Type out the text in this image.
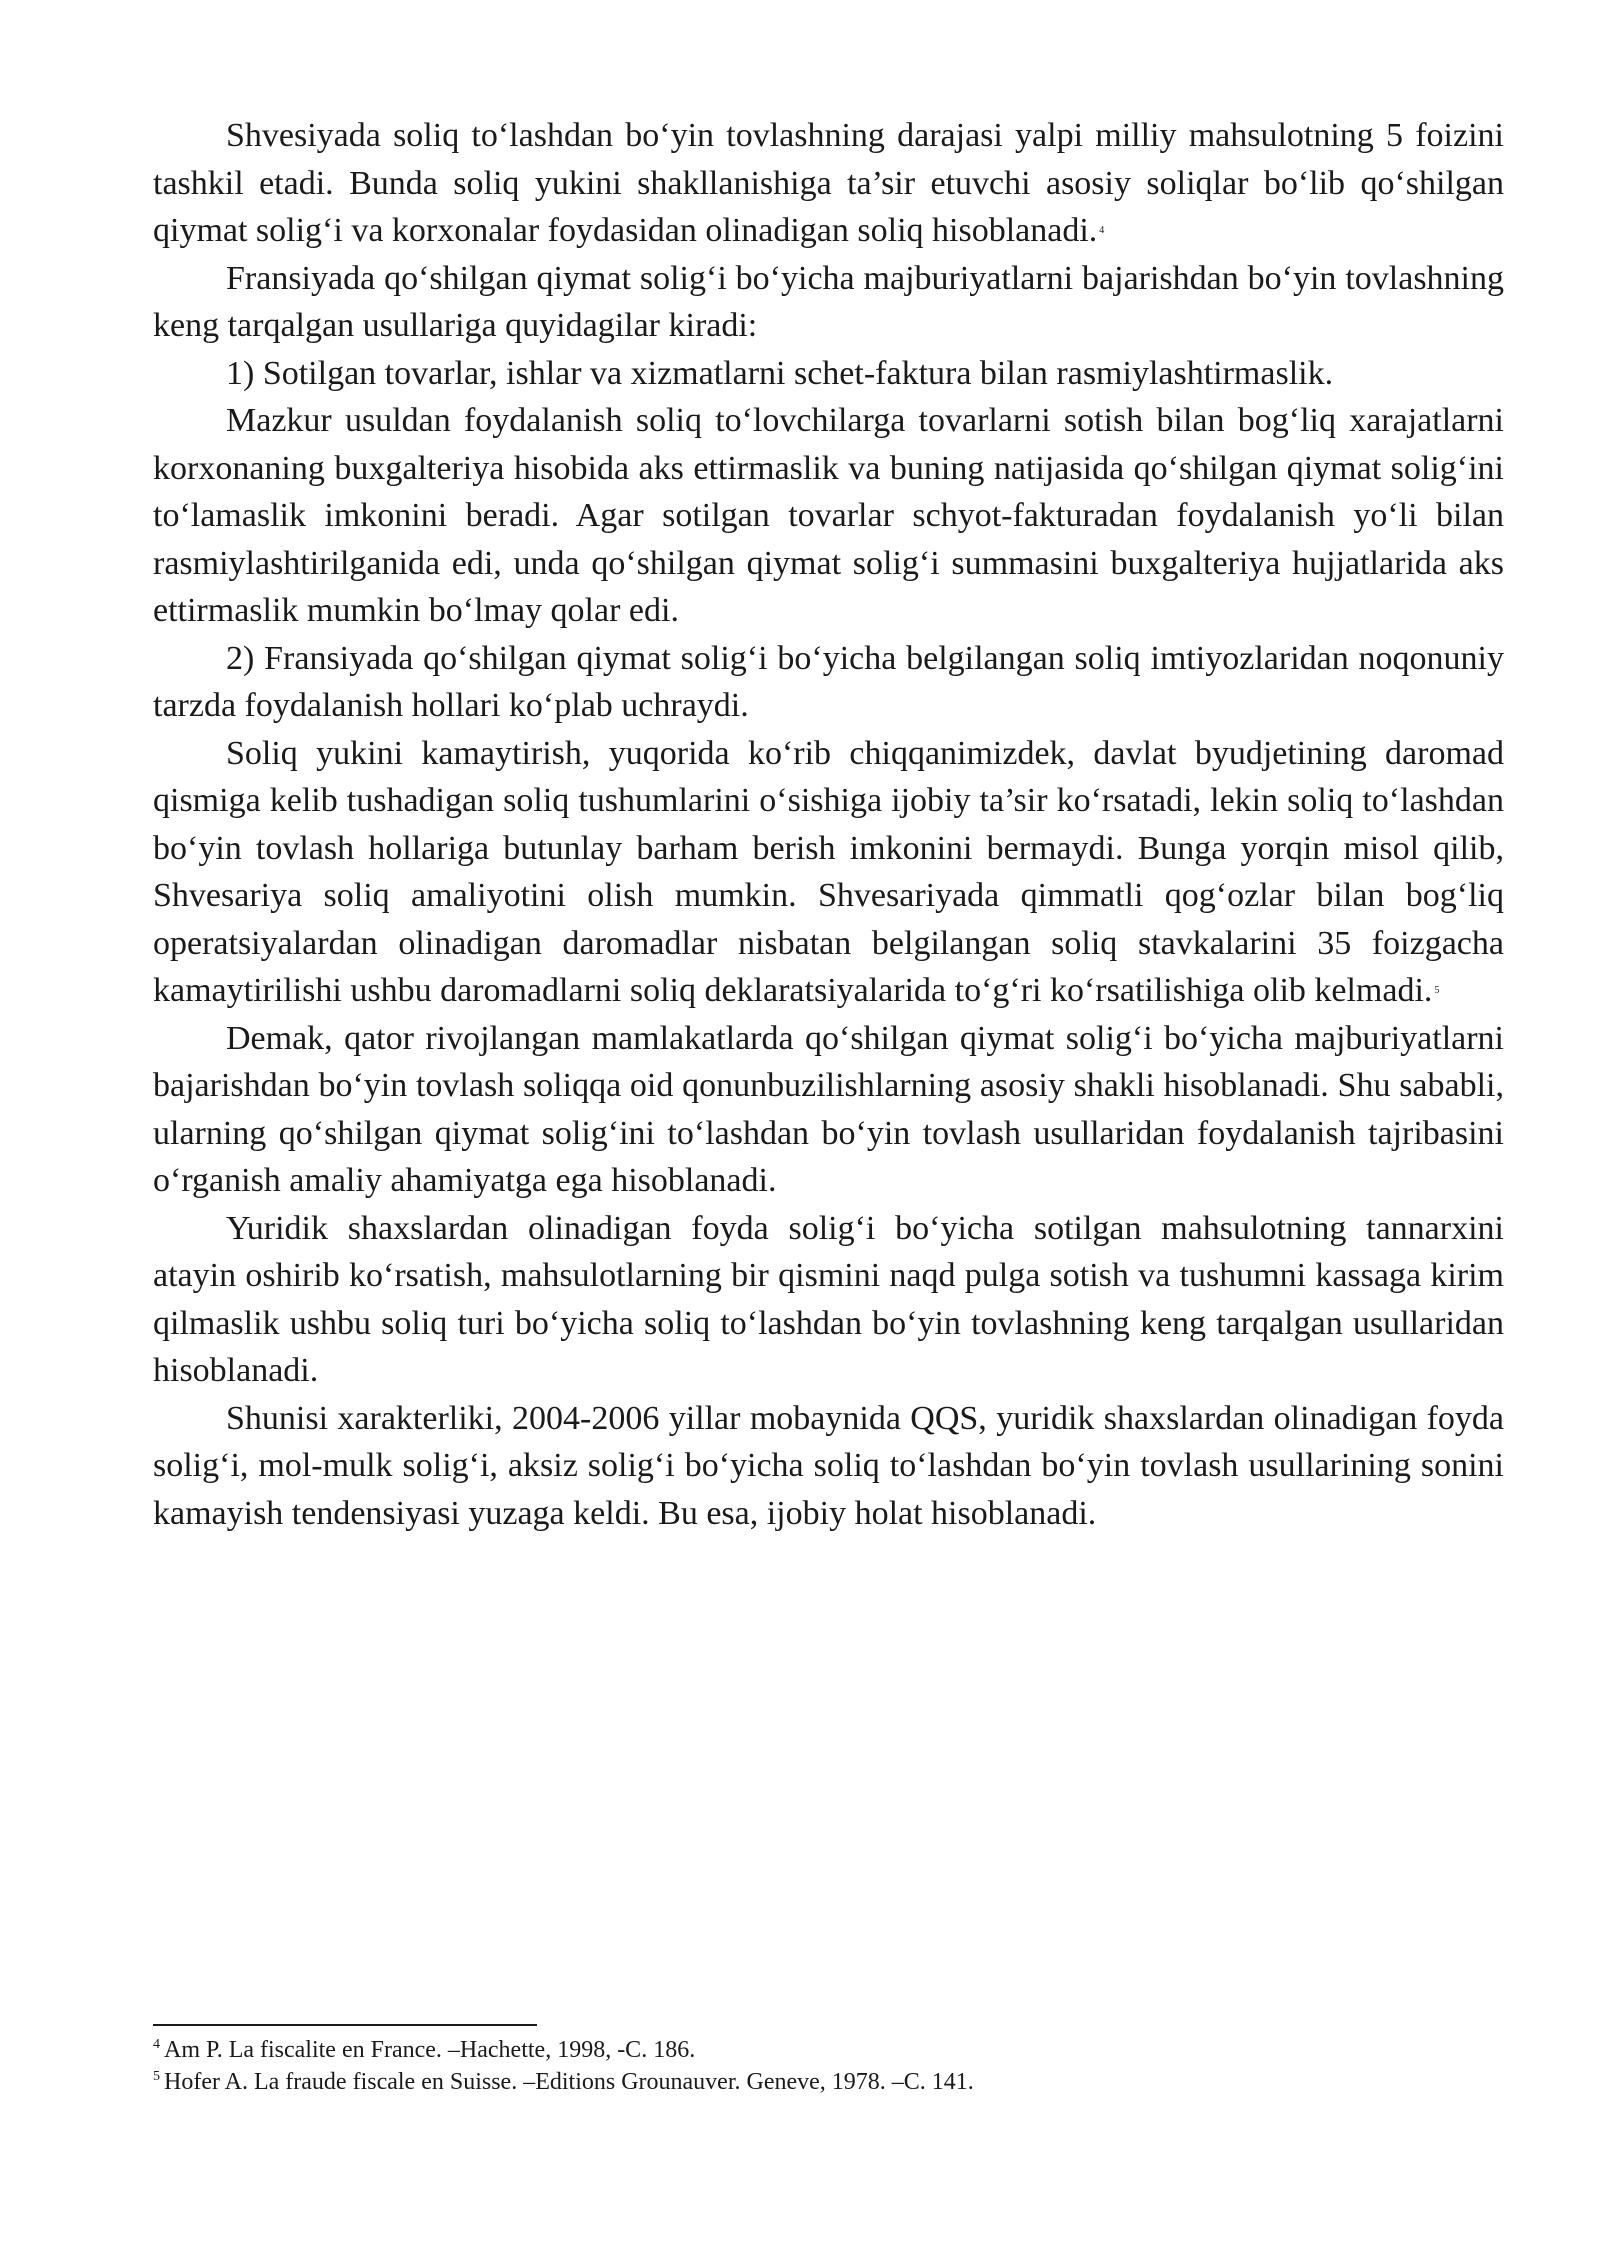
Shvesiyada soliq to‘lashdan bo‘yin tovlashning darajasi yalpi milliy mahsulotning 5 foizini tashkil etadi. Bunda soliq yukini shakllanishiga ta’sir etuvchi asosiy soliqlar bo‘lib qo‘shilgan qiymat solig‘i va korxonalar foydasidan olinadigan soliq hisoblanadi. $^4$

Fransiyada qo‘shilgan qiymat solig‘i bo‘yicha majburiyatlarni bajarishdan bo‘yin tovlashning keng tarqalgan usullariga quyidagilar kiradi:

1) Sotilgan tovarlar, ishlar va xizmatlarni schet-faktura bilan rasmiylashtirmaslik.

Mazkur usuldan foydalanish soliq to‘lovchilarga tovarlarni sotish bilan bog‘liq xarajatlarni korxonaning buxgalteriya hisobida aks ettirmaslik va buning natijasida qo‘shilgan qiymat solig‘ini to‘lamaslik imkonini beradi. Agar sotilgan tovarlar schyot-fakturadan foydalanish yo‘li bilan rasmiylashtirilganida edi, unda qo‘shilgan qiymat solig‘i summasini buxgalteriya hujjatlarida aks ettirmaslik mumkin bo‘lmay qolar edi.

2) Fransiyada qo‘shilgan qiymat solig‘i bo‘yicha belgilangan soliq imtiyozlaridan noqonuniy tarzda foydalanish hollari ko‘plab uchraydi.

Soliq yukini kamaytirish, yuqorida ko‘rib chiqqanimizdek, davlat byudjetining daromad qismiga kelib tushadigan soliq tushumlarini o‘sishiga ijobiy ta’sir ko‘rsatadi, lekin soliq to‘lashdan bo‘yin tovlash hollariga butunlay barham berish imkonini bermaydi. Bunga yorqin misol qilib, Shvesariya soliq amaliyotini olish mumkin. Shvesariyada qimmatli qog‘ozlar bilan bog‘liq operatsiyalardan olinadigan daromadlar nisbatan belgilangan soliq stavkalarini 35 foizgacha kamaytirilishi ushbu daromadlarni soliq deklaratsiyalarida to‘g‘ri ko‘rsatilishiga olib kelmadi. $^5$

Demak, qator rivojlangan mamlakatlarda qo‘shilgan qiymat solig‘i bo‘yicha majburiyatlarni bajarishdan bo‘yin tovlash soliqqa oid qonunbuzilishlarning asosiy shakli hisoblanadi. Shu sababli, ularning qo‘shilgan qiymat solig‘ini to‘lashdan bo‘yin tovlash usullaridan foydalanish tajribasini o‘rganish amaliy ahamiyatga ega hisoblanadi.

Yuridik shaxslardan olinadigan foyda solig‘i bo‘yicha sotilgan mahsulotning tannarxini atayin oshirib ko‘rsatish, mahsulotlarning bir qismini naqd pulga sotish va tushumni kassaga kirim qilmaslik ushbu soliq turi bo‘yicha soliq to‘lashdan bo‘yin tovlashning keng tarqalgan usullaridan hisoblanadi.

Shunisi xarakterliki, 2004-2006 yillar mobaynida QQS, yuridik shaxslardan olinadigan foyda solig‘i, mol-mulk solig‘i, aksiz solig‘i bo‘yicha soliq to‘lashdan bo‘yin tovlash usullarining sonini kamayish tendensiyasi yuzaga keldi. Bu esa, ijobiy holat hisoblanadi.

$^4$ Am P. La fiscalite en France. –Hachette, 1998, -C. 186.

$^5$ Hofer A. La fraude fiscale en Suisse. –Editions Grounauver. Geneve, 1978. –C. 141.
